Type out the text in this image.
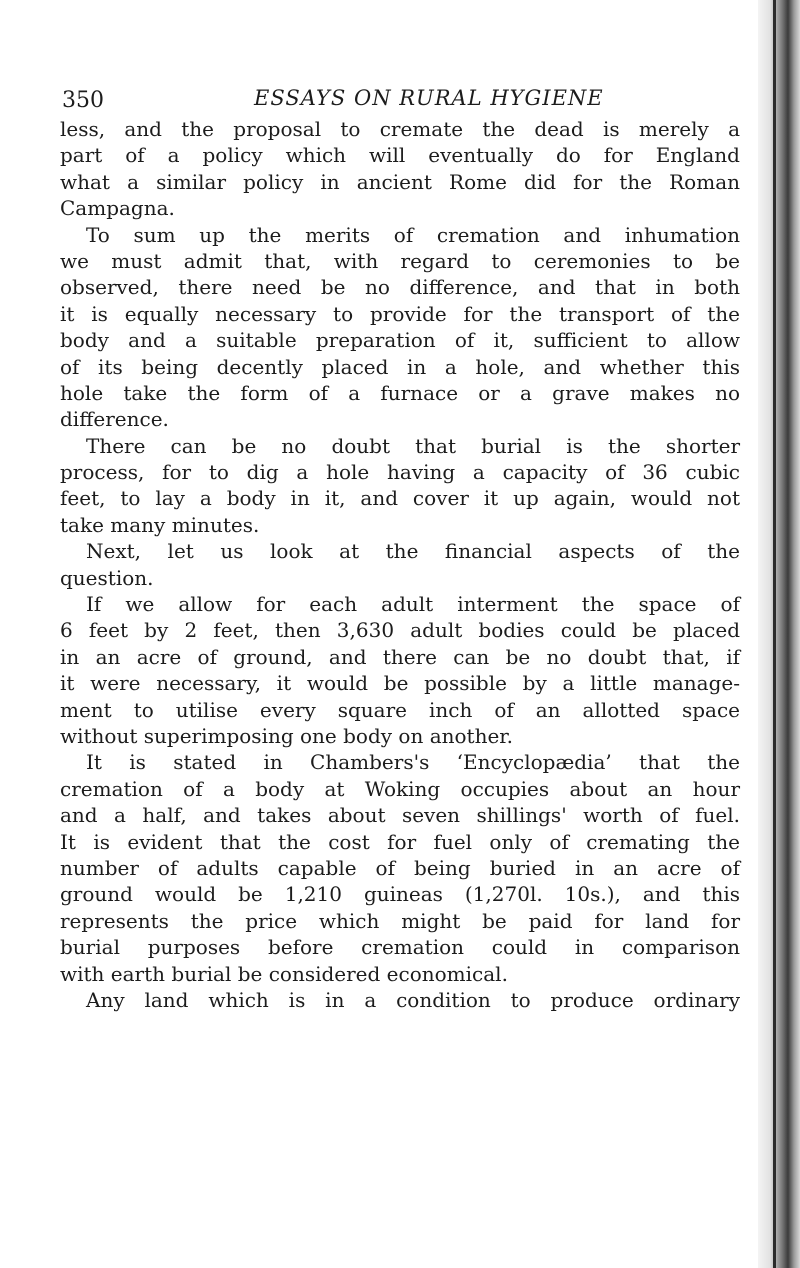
350	ESSAYS ON RURAL HYGIENE
less, and the proposal to cremate the dead is merely a
part of a policy which will eventually do for England
what a similar policy in ancient Rome did for the Roman
Campagna.
To sum up the merits of cremation and inhumation
we must admit that, with regard to ceremonies to be
observed, there need be no difference, and that in both
it is equally necessary to provide for the transport of the
body and a suitable preparation of it, sufficient to allow
of its being decently placed in a hole, and whether this
hole take the form of a furnace or a grave makes no
difference.
There can be no doubt that burial is the shorter
process, for to dig a hole having a capacity of 36 cubic
feet, to lay a body in it, and cover it up again, would not
take many minutes.
Next, let us look at the financial aspects of the
question.
If we allow for each adult interment the space of
6 feet by 2 feet, then 3,630 adult bodies could be placed
in an acre of ground, and there can be no doubt that, if
it were necessary, it would be possible by a little manage-
ment to utilise every square inch of an allotted space
without superimposing one body on another.
It is stated in Chambers's ‘Encyclopædia’ that the
cremation of a body at Woking occupies about an hour
and a half, and takes about seven shillings' worth of fuel.
It is evident that the cost for fuel only of cremating the
number of adults capable of being buried in an acre of
ground would be 1,210 guineas (1,270l. 10s.), and this
represents the price which might be paid for land for
burial purposes before cremation could in comparison
with earth burial be considered economical.
Any land which is in a condition to produce ordinary
